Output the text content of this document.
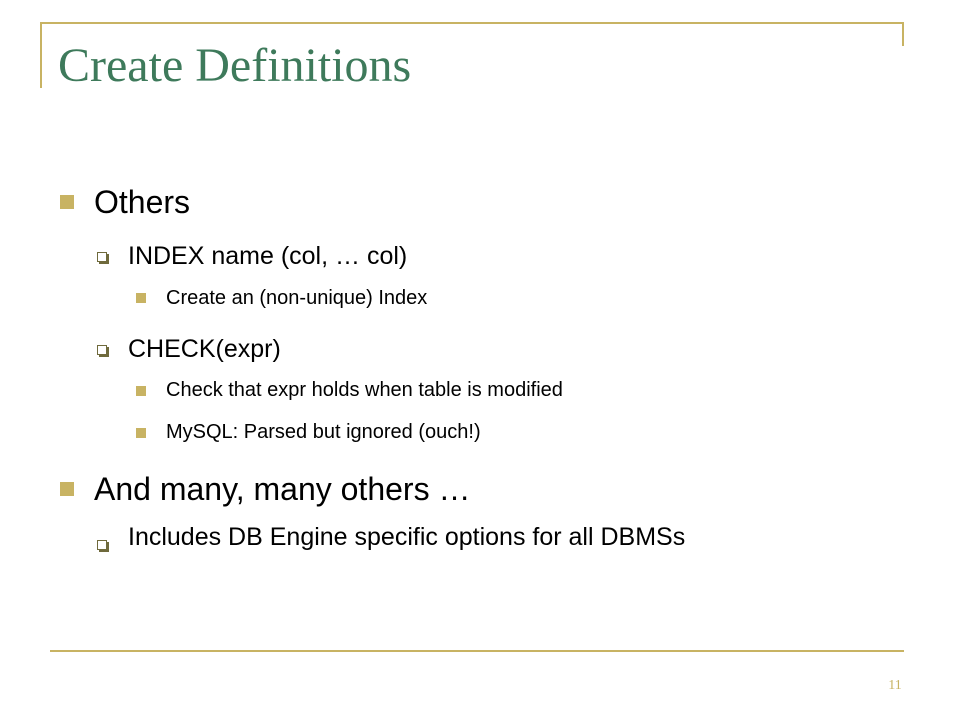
Create Definitions
Others
INDEX name (col, … col)
Create an (non-unique) Index
CHECK(expr)
Check that expr holds when table is modified
MySQL: Parsed but ignored (ouch!)
And many, many others …
Includes DB Engine specific options for all DBMSs
11
